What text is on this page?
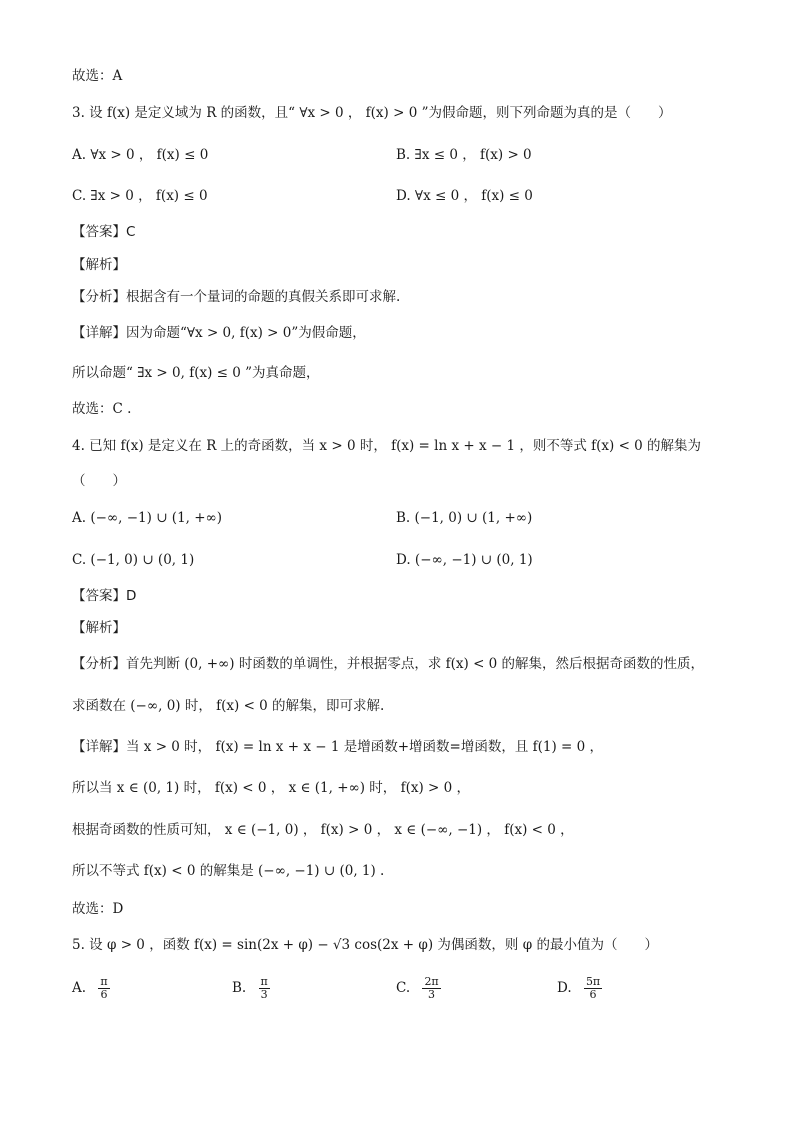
故选：A
3. 设 f(x) 是定义域为 R 的函数，且“ ∀x > 0 ， f(x) > 0 ”为假命题，则下列命题为真的是（　　）
A. ∀x > 0 ， f(x) ≤ 0	B. ∃x ≤ 0 ， f(x) > 0
C. ∃x > 0 ， f(x) ≤ 0	D. ∀x ≤ 0 ， f(x) ≤ 0
【答案】C
【解析】
【分析】根据含有一个量词的命题的真假关系即可求解.
【详解】因为命题“∀x > 0, f(x) > 0”为假命题，
所以命题“ ∃x > 0, f(x) ≤ 0 ”为真命题，
故选：C .
4. 已知 f(x) 是定义在 R 上的奇函数，当 x > 0 时， f(x) = ln x + x − 1 ，则不等式 f(x) < 0 的解集为
（　　）
A. (−∞, −1) ∪ (1, +∞)	B. (−1, 0) ∪ (1, +∞)
C. (−1, 0) ∪ (0, 1)	D. (−∞, −1) ∪ (0, 1)
【答案】D
【解析】
【分析】首先判断 (0, +∞) 时函数的单调性，并根据零点，求 f(x) < 0 的解集，然后根据奇函数的性质，
求函数在 (−∞, 0) 时， f(x) < 0 的解集，即可求解.
【详解】当 x > 0 时， f(x) = ln x + x − 1 是增函数+增函数=增函数，且 f(1) = 0 ，
所以当 x ∈ (0, 1) 时， f(x) < 0 ， x ∈ (1, +∞) 时， f(x) > 0 ，
根据奇函数的性质可知， x ∈ (−1, 0) ， f(x) > 0 ， x ∈ (−∞, −1) ， f(x) < 0 ，
所以不等式 f(x) < 0 的解集是 (−∞, −1) ∪ (0, 1) .
故选：D
5. 设 φ > 0 ，函数 f(x) = sin(2x + φ) − √3 cos(2x + φ) 为偶函数，则 φ 的最小值为（　　）
A. $\frac{\pi}{6}$	B. $\frac{\pi}{3}$	C. $\frac{2\pi}{3}$	D. $\frac{5\pi}{6}$
